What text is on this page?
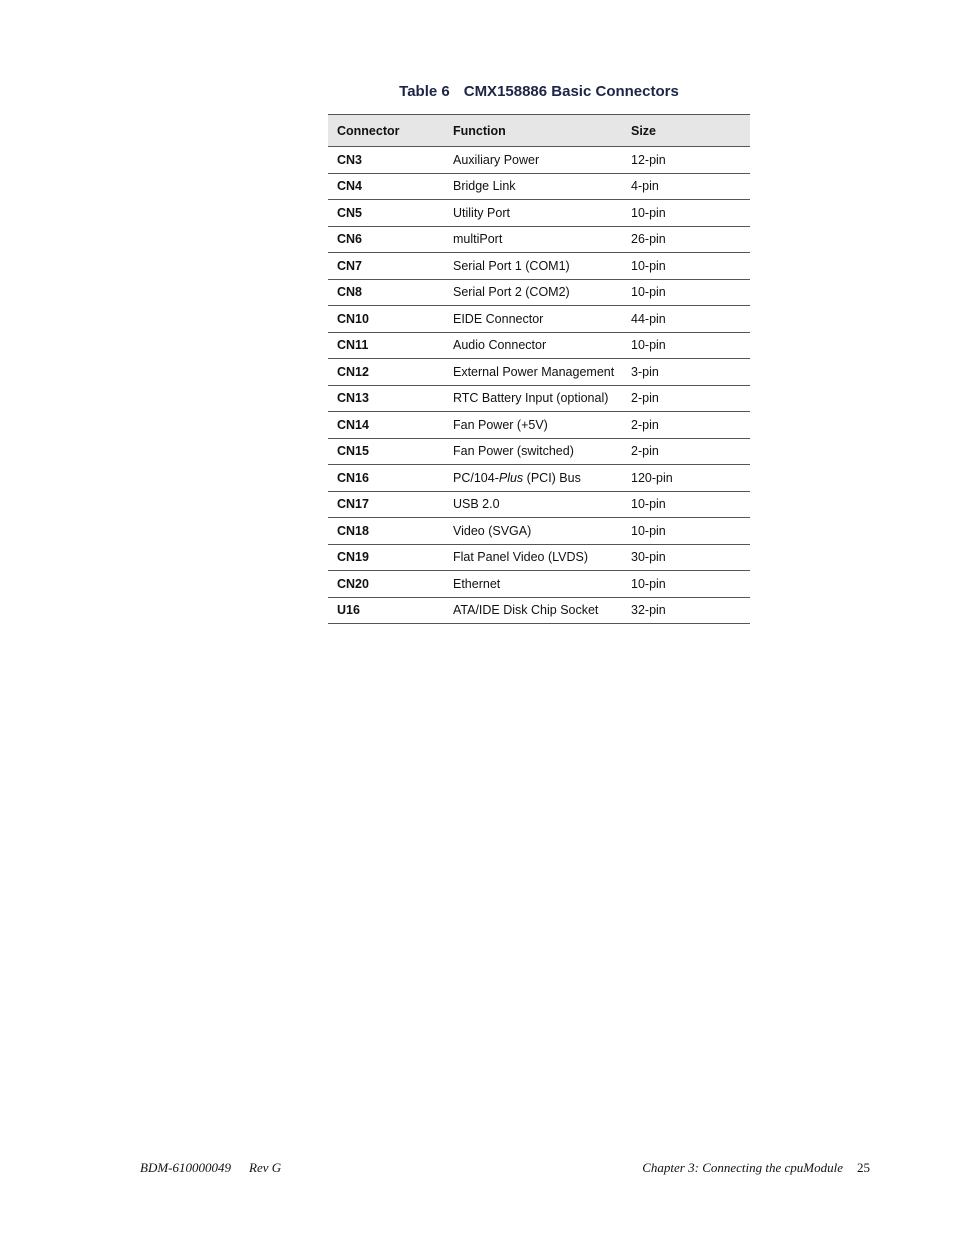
Table 6 CMX158886 Basic Connectors
Connector	Function	Size
CN3	Auxiliary Power	12-pin
CN4	Bridge Link	4-pin
CN5	Utility Port	10-pin
CN6	multiPort	26-pin
CN7	Serial Port 1 (COM1)	10-pin
CN8	Serial Port 2 (COM2)	10-pin
CN10	EIDE Connector	44-pin
CN11	Audio Connector	10-pin
CN12	External Power Management	3-pin
CN13	RTC Battery Input (optional)	2-pin
CN14	Fan Power (+5V)	2-pin
CN15	Fan Power (switched)	2-pin
CN16	PC/104-Plus (PCI) Bus	120-pin
CN17	USB 2.0	10-pin
CN18	Video (SVGA)	10-pin
CN19	Flat Panel Video (LVDS)	30-pin
CN20	Ethernet	10-pin
U16	ATA/IDE Disk Chip Socket	32-pin
BDM-610000049 Rev G	Chapter 3: Connecting the cpuModule 25
